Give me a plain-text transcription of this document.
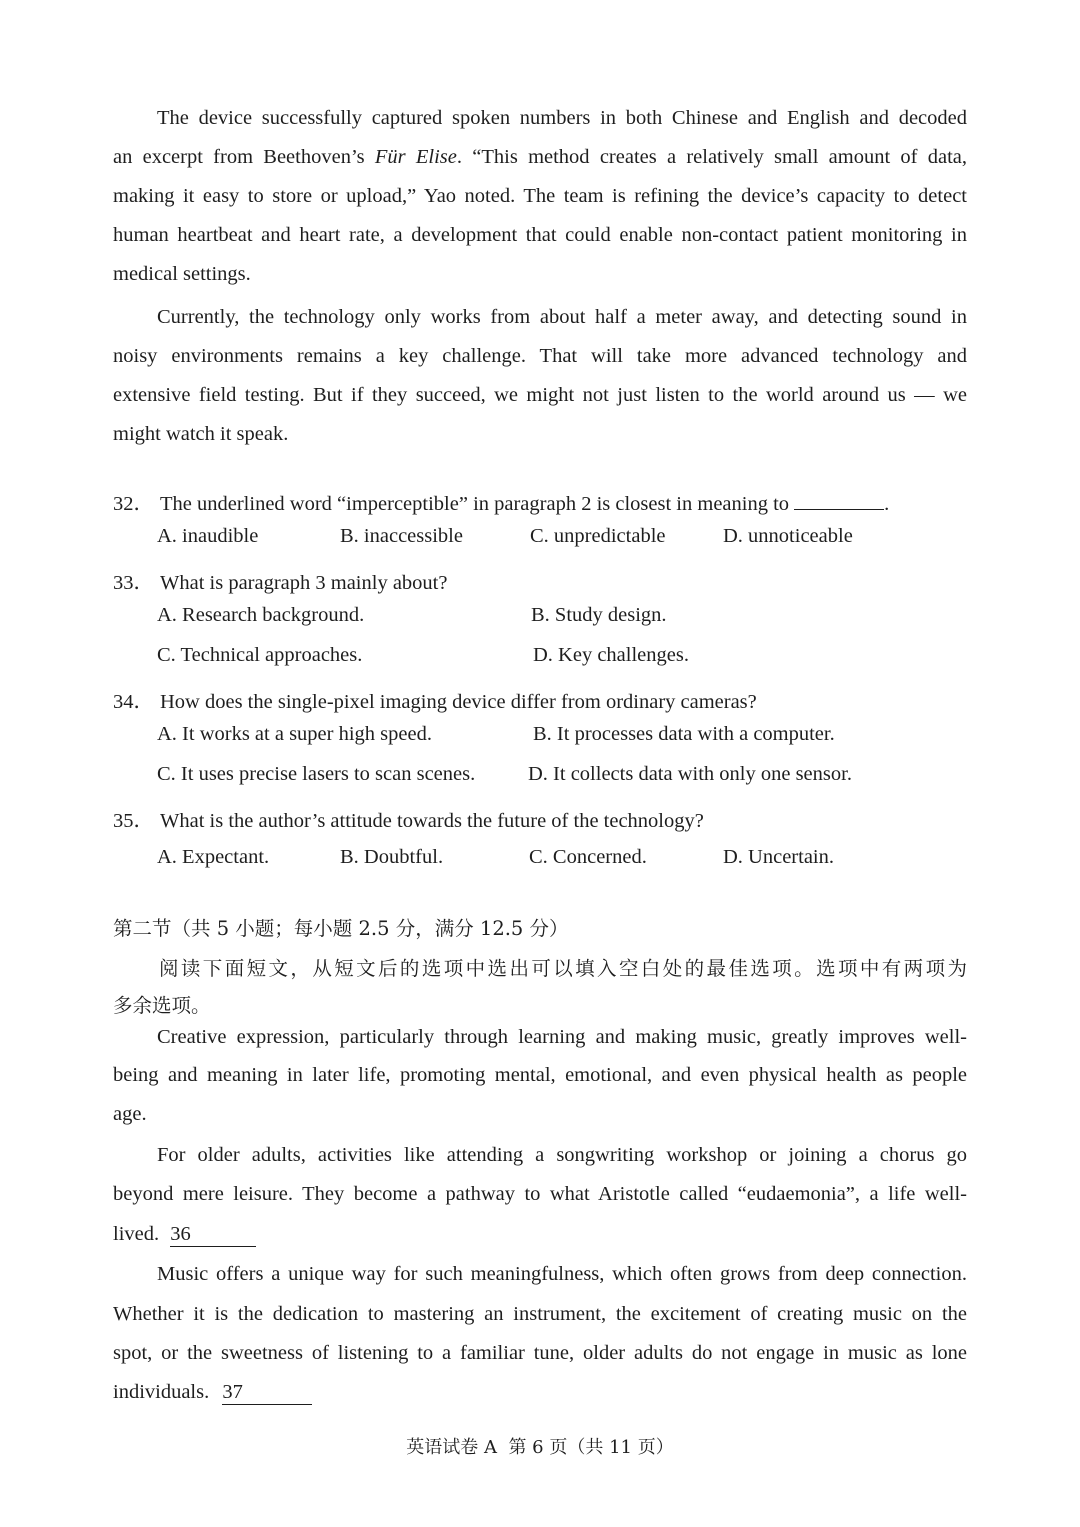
The device successfully captured spoken numbers in both Chinese and English and decoded
an excerpt from Beethoven’s Für Elise. “This method creates a relatively small amount of data,
making it easy to store or upload,” Yao noted. The team is refining the device’s capacity to detect
human heartbeat and heart rate, a development that could enable non-contact patient monitoring in
medical settings.
Currently, the technology only works from about half a meter away, and detecting sound in
noisy environments remains a key challenge. That will take more advanced technology and
extensive field testing. But if they succeed, we might not just listen to the world around us — we
might watch it speak.
32． The underlined word “imperceptible” in paragraph 2 is closest in meaning to	.
A. inaudible	B. inaccessible	C. unpredictable	D. unnoticeable
33． What is paragraph 3 mainly about?
A. Research background.	B. Study design.
C. Technical approaches.	D. Key challenges.
34． How does the single-pixel imaging device differ from ordinary cameras?
A. It works at a super high speed.	B. It processes data with a computer.
C. It uses precise lasers to scan scenes.	D. It collects data with only one sensor.
35． What is the author’s attitude towards the future of the technology?
A. Expectant.	B. Doubtful.	C. Concerned.	D. Uncertain.
第二节（共 5 小题；每小题 2.5 分，满分 12.5 分）
阅读下面短文，从短文后的选项中选出可以填入空白处的最佳选项。选项中有两项为
多余选项。
Creative expression, particularly through learning and making music, greatly improves well-
being and meaning in later life, promoting mental, emotional, and even physical health as people
age.
For older adults, activities like attending a songwriting workshop or joining a chorus go
beyond mere leisure. They become a pathway to what Aristotle called “eudaemonia”, a life well-
lived. 36
Music offers a unique way for such meaningfulness, which often grows from deep connection.
Whether it is the dedication to mastering an instrument, the excitement of creating music on the
spot, or the sweetness of listening to a familiar tune, older adults do not engage in music as lone
individuals. 37
英语试卷 A  第 6 页（共 11 页）
